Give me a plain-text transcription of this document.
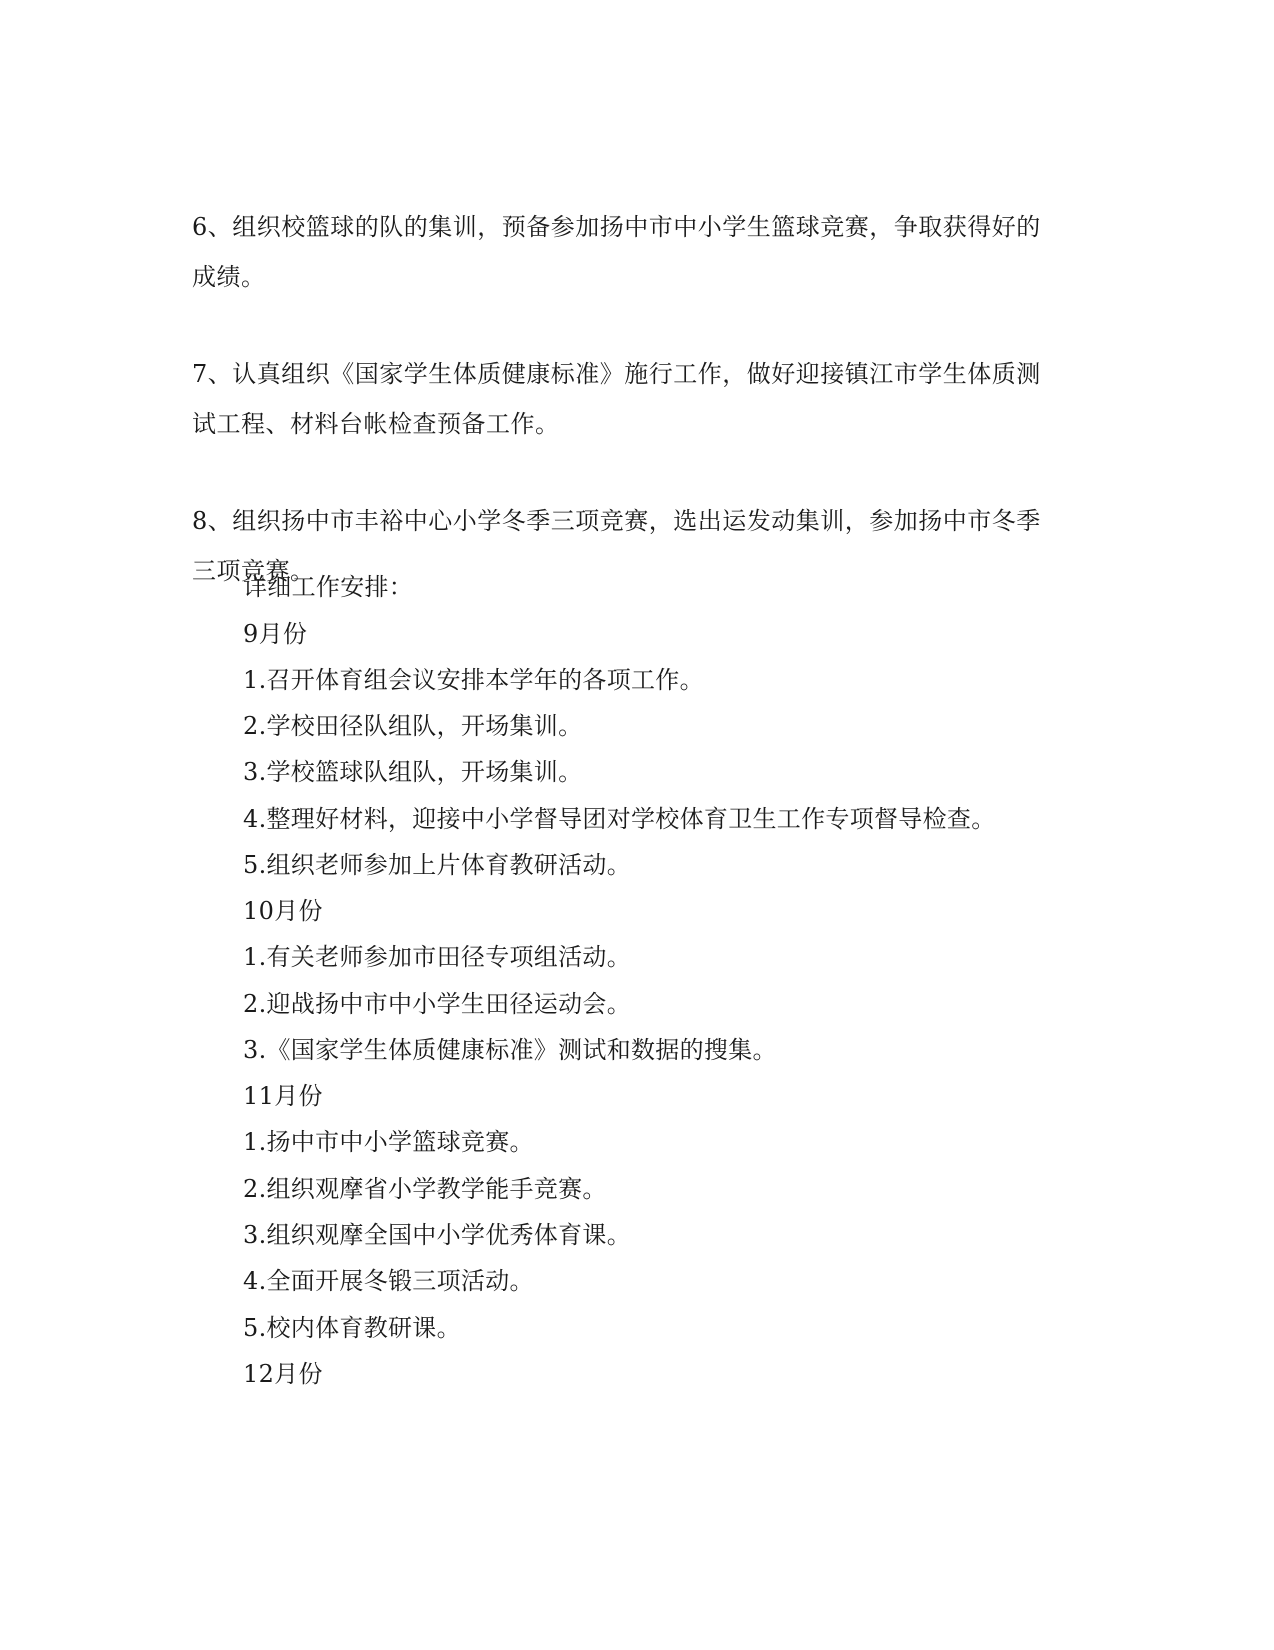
6、组织校篮球的队的集训，预备参加扬中市中小学生篮球竞赛，争取获得好的成绩。

7、认真组织《国家学生体质健康标准》施行工作，做好迎接镇江市学生体质测试工程、材料台帐检查预备工作。

8、组织扬中市丰裕中心小学冬季三项竞赛，选出运发动集训，参加扬中市冬季三项竞赛。

详细工作安排：

9月份

1.召开体育组会议安排本学年的各项工作。

2.学校田径队组队，开场集训。

3.学校篮球队组队，开场集训。

4.整理好材料，迎接中小学督导团对学校体育卫生工作专项督导检查。

5.组织老师参加上片体育教研活动。

10月份

1.有关老师参加市田径专项组活动。

2.迎战扬中市中小学生田径运动会。

3.《国家学生体质健康标准》测试和数据的搜集。

11月份

1.扬中市中小学篮球竞赛。

2.组织观摩省小学教学能手竞赛。

3.组织观摩全国中小学优秀体育课。

4.全面开展冬锻三项活动。

5.校内体育教研课。

12月份
